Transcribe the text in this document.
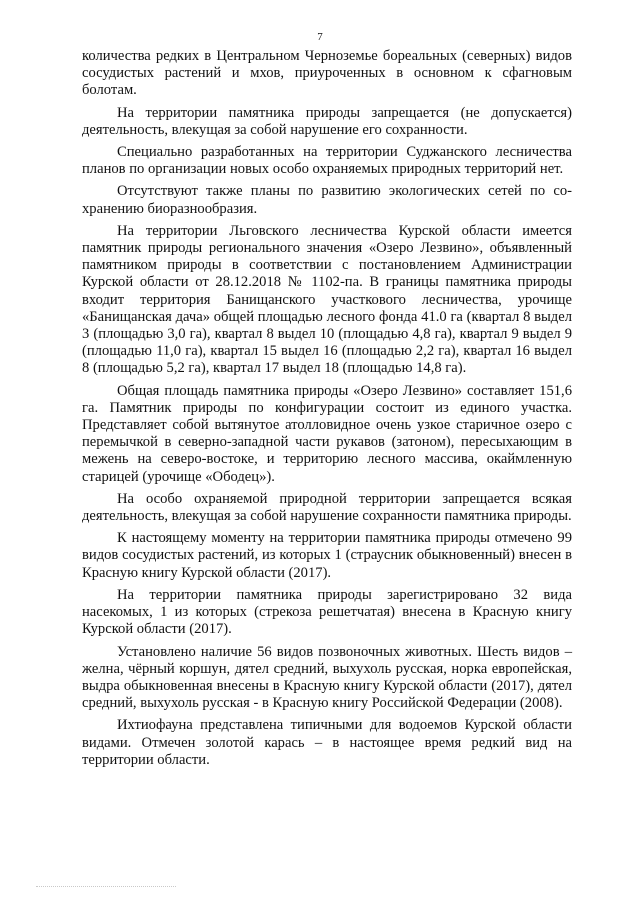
7

количества редких в Центральном Черноземье бореальных (северных) видов сосудистых растений и мхов, приуроченных в основном к сфагновым болотам.

На территории памятника природы запрещается (не допускается) деятельность, влекущая за собой нарушение его сохранности.

Специально разработанных на территории Суджанского лесничества планов по организации новых особо охраняемых природных территорий нет.

Отсутствуют также планы по развитию экологических сетей по со-хранению биоразнообразия.

На территории Льговского лесничества Курской области имеется памятник природы регионального значения «Озеро Лезвино», объявленный памятником природы в соответствии с постановлением Администрации Курской области от 28.12.2018 № 1102-па. В границы памятника природы входит территория Банищанского участкового лесничества, урочище «Банищанская дача» общей площадью лесного фонда 41.0 га (квартал 8 выдел 3 (площадью 3,0 га), квартал 8 выдел 10 (площадью 4,8 га), квартал 9 выдел 9 (площадью 11,0 га), квартал 15 выдел 16 (площадью 2,2 га), квартал 16 выдел 8 (площадью 5,2 га), квартал 17 выдел 18 (площадью 14,8 га).

Общая площадь памятника природы «Озеро Лезвино» составляет 151,6 га. Памятник природы по конфигурации состоит из единого участка. Представляет собой вытянутое атолловидное очень узкое старичное озеро с перемычкой в северно-западной части рукавов (затоном), пересыхающим в межень на северо-востоке, и территорию лесного массива, окаймленную старицей (урочище «Ободец»).

На особо охраняемой природной территории запрещается всякая деятельность, влекущая за собой нарушение сохранности памятника природы.

К настоящему моменту на территории памятника природы отмечено 99 видов сосудистых растений, из которых 1 (страусник обыкновенный) внесен в Красную книгу Курской области (2017).

На территории памятника природы зарегистрировано 32 вида насекомых, 1 из которых (стрекоза решетчатая) внесена в Красную книгу Курской области (2017).

Установлено наличие 56 видов позвоночных животных. Шесть видов – желна, чёрный коршун, дятел средний, выхухоль русская, норка европейская, выдра обыкновенная внесены в Красную книгу Курской области (2017), дятел средний, выхухоль русская - в Красную книгу Российской Федерации (2008).

Ихтиофауна представлена типичными для водоемов Курской области видами. Отмечен золотой карась – в настоящее время редкий вид на территории области.
